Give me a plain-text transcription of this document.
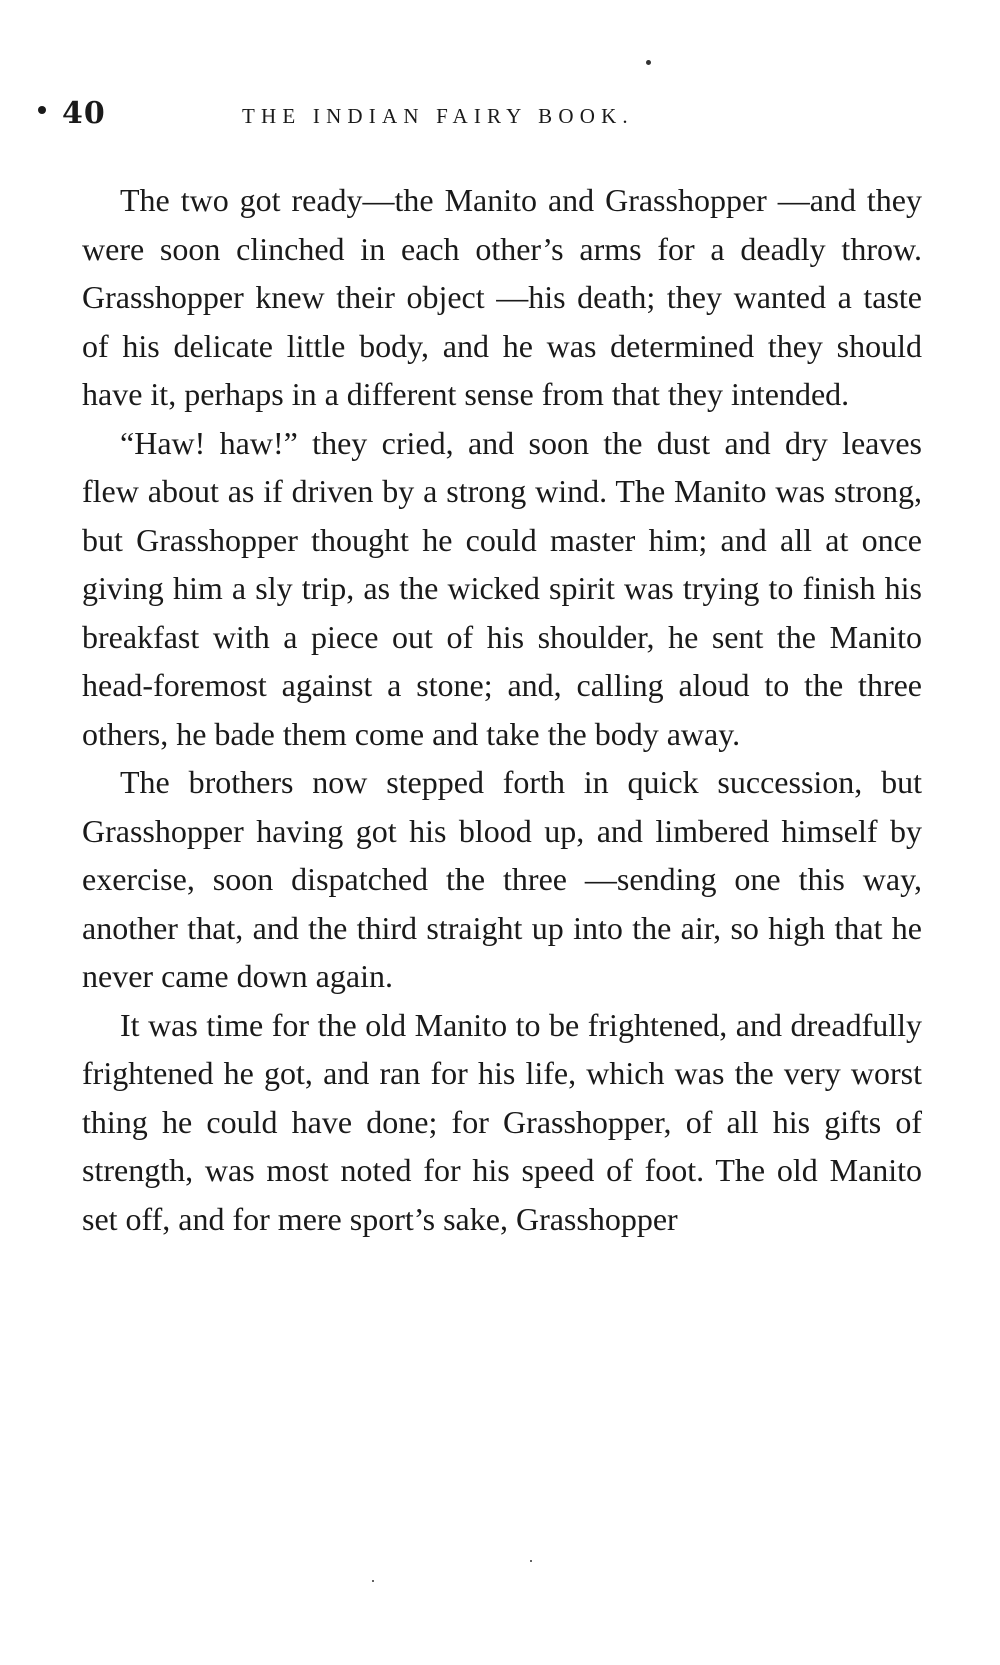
40	THE INDIAN FAIRY BOOK.

The two got ready—the Manito and Grasshopper —and they were soon clinched in each other’s arms for a deadly throw. Grasshopper knew their object —his death; they wanted a taste of his delicate little body, and he was determined they should have it, perhaps in a different sense from that they intended.

“Haw! haw!” they cried, and soon the dust and dry leaves flew about as if driven by a strong wind. The Manito was strong, but Grasshopper thought he could master him; and all at once giving him a sly trip, as the wicked spirit was trying to finish his breakfast with a piece out of his shoulder, he sent the Manito head-foremost against a stone; and, calling aloud to the three others, he bade them come and take the body away.

The brothers now stepped forth in quick succession, but Grasshopper having got his blood up, and limbered himself by exercise, soon dispatched the three —sending one this way, another that, and the third straight up into the air, so high that he never came down again.

It was time for the old Manito to be frightened, and dreadfully frightened he got, and ran for his life, which was the very worst thing he could have done; for Grasshopper, of all his gifts of strength, was most noted for his speed of foot. The old Manito set off, and for mere sport’s sake, Grasshopper
